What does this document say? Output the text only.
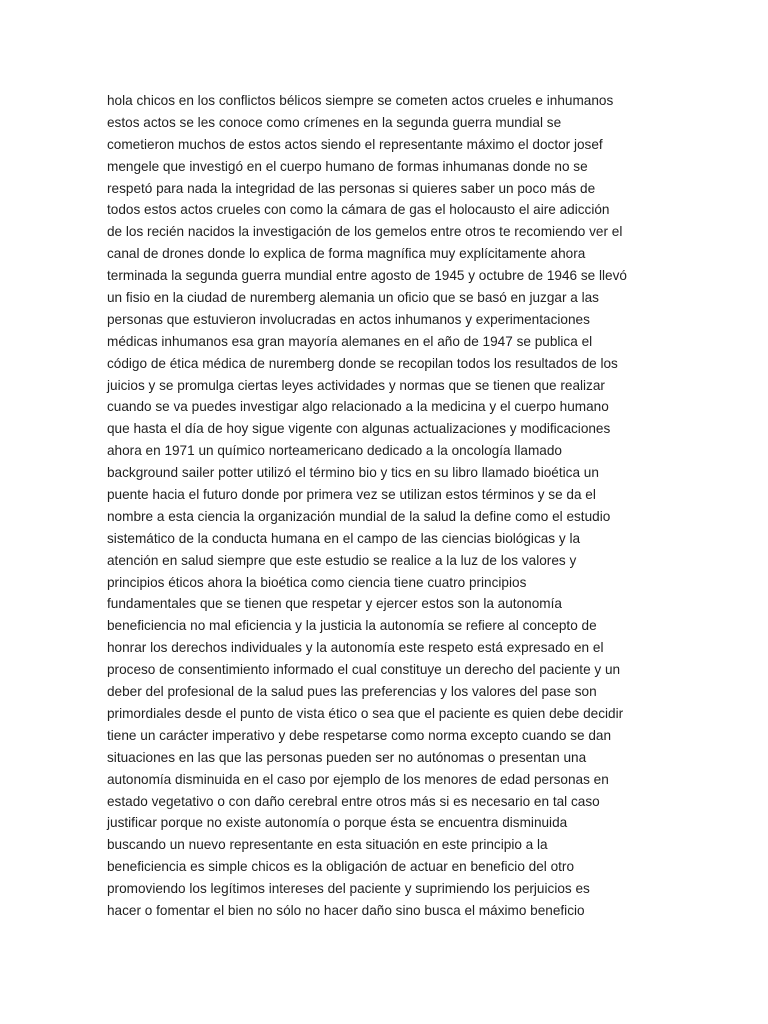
hola chicos en los conflictos bélicos siempre se cometen actos crueles e inhumanos
estos actos se les conoce como crímenes en la segunda guerra mundial se
cometieron muchos de estos actos siendo el representante máximo el doctor josef
mengele que investigó en el cuerpo humano de formas inhumanas donde no se
respetó para nada la integridad de las personas si quieres saber un poco más de
todos estos actos crueles con como la cámara de gas el holocausto el aire adicción
de los recién nacidos la investigación de los gemelos entre otros te recomiendo ver el
canal de drones donde lo explica de forma magnífica muy explícitamente ahora
terminada la segunda guerra mundial entre agosto de 1945 y octubre de 1946 se llevó
un fisio en la ciudad de nuremberg alemania un oficio que se basó en juzgar a las
personas que estuvieron involucradas en actos inhumanos y experimentaciones
médicas inhumanos esa gran mayoría alemanes en el año de 1947 se publica el
código de ética médica de nuremberg donde se recopilan todos los resultados de los
juicios y se promulga ciertas leyes actividades y normas que se tienen que realizar
cuando se va puedes investigar algo relacionado a la medicina y el cuerpo humano
que hasta el día de hoy sigue vigente con algunas actualizaciones y modificaciones
ahora en 1971 un químico norteamericano dedicado a la oncología llamado
background sailer potter utilizó el término bio y tics en su libro llamado bioética un
puente hacia el futuro donde por primera vez se utilizan estos términos y se da el
nombre a esta ciencia la organización mundial de la salud la define como el estudio
sistemático de la conducta humana en el campo de las ciencias biológicas y la
atención en salud siempre que este estudio se realice a la luz de los valores y
principios éticos ahora la bioética como ciencia tiene cuatro principios
fundamentales que se tienen que respetar y ejercer estos son la autonomía
beneficiencia no mal eficiencia y la justicia la autonomía se refiere al concepto de
honrar los derechos individuales y la autonomía este respeto está expresado en el
proceso de consentimiento informado el cual constituye un derecho del paciente y un
deber del profesional de la salud pues las preferencias y los valores del pase son
primordiales desde el punto de vista ético o sea que el paciente es quien debe decidir
tiene un carácter imperativo y debe respetarse como norma excepto cuando se dan
situaciones en las que las personas pueden ser no autónomas o presentan una
autonomía disminuida en el caso por ejemplo de los menores de edad personas en
estado vegetativo o con daño cerebral entre otros más si es necesario en tal caso
justificar porque no existe autonomía o porque ésta se encuentra disminuida
buscando un nuevo representante en esta situación en este principio a la
beneficiencia es simple chicos es la obligación de actuar en beneficio del otro
promoviendo los legítimos intereses del paciente y suprimiendo los perjuicios es
hacer o fomentar el bien no sólo no hacer daño sino busca el máximo beneficio
